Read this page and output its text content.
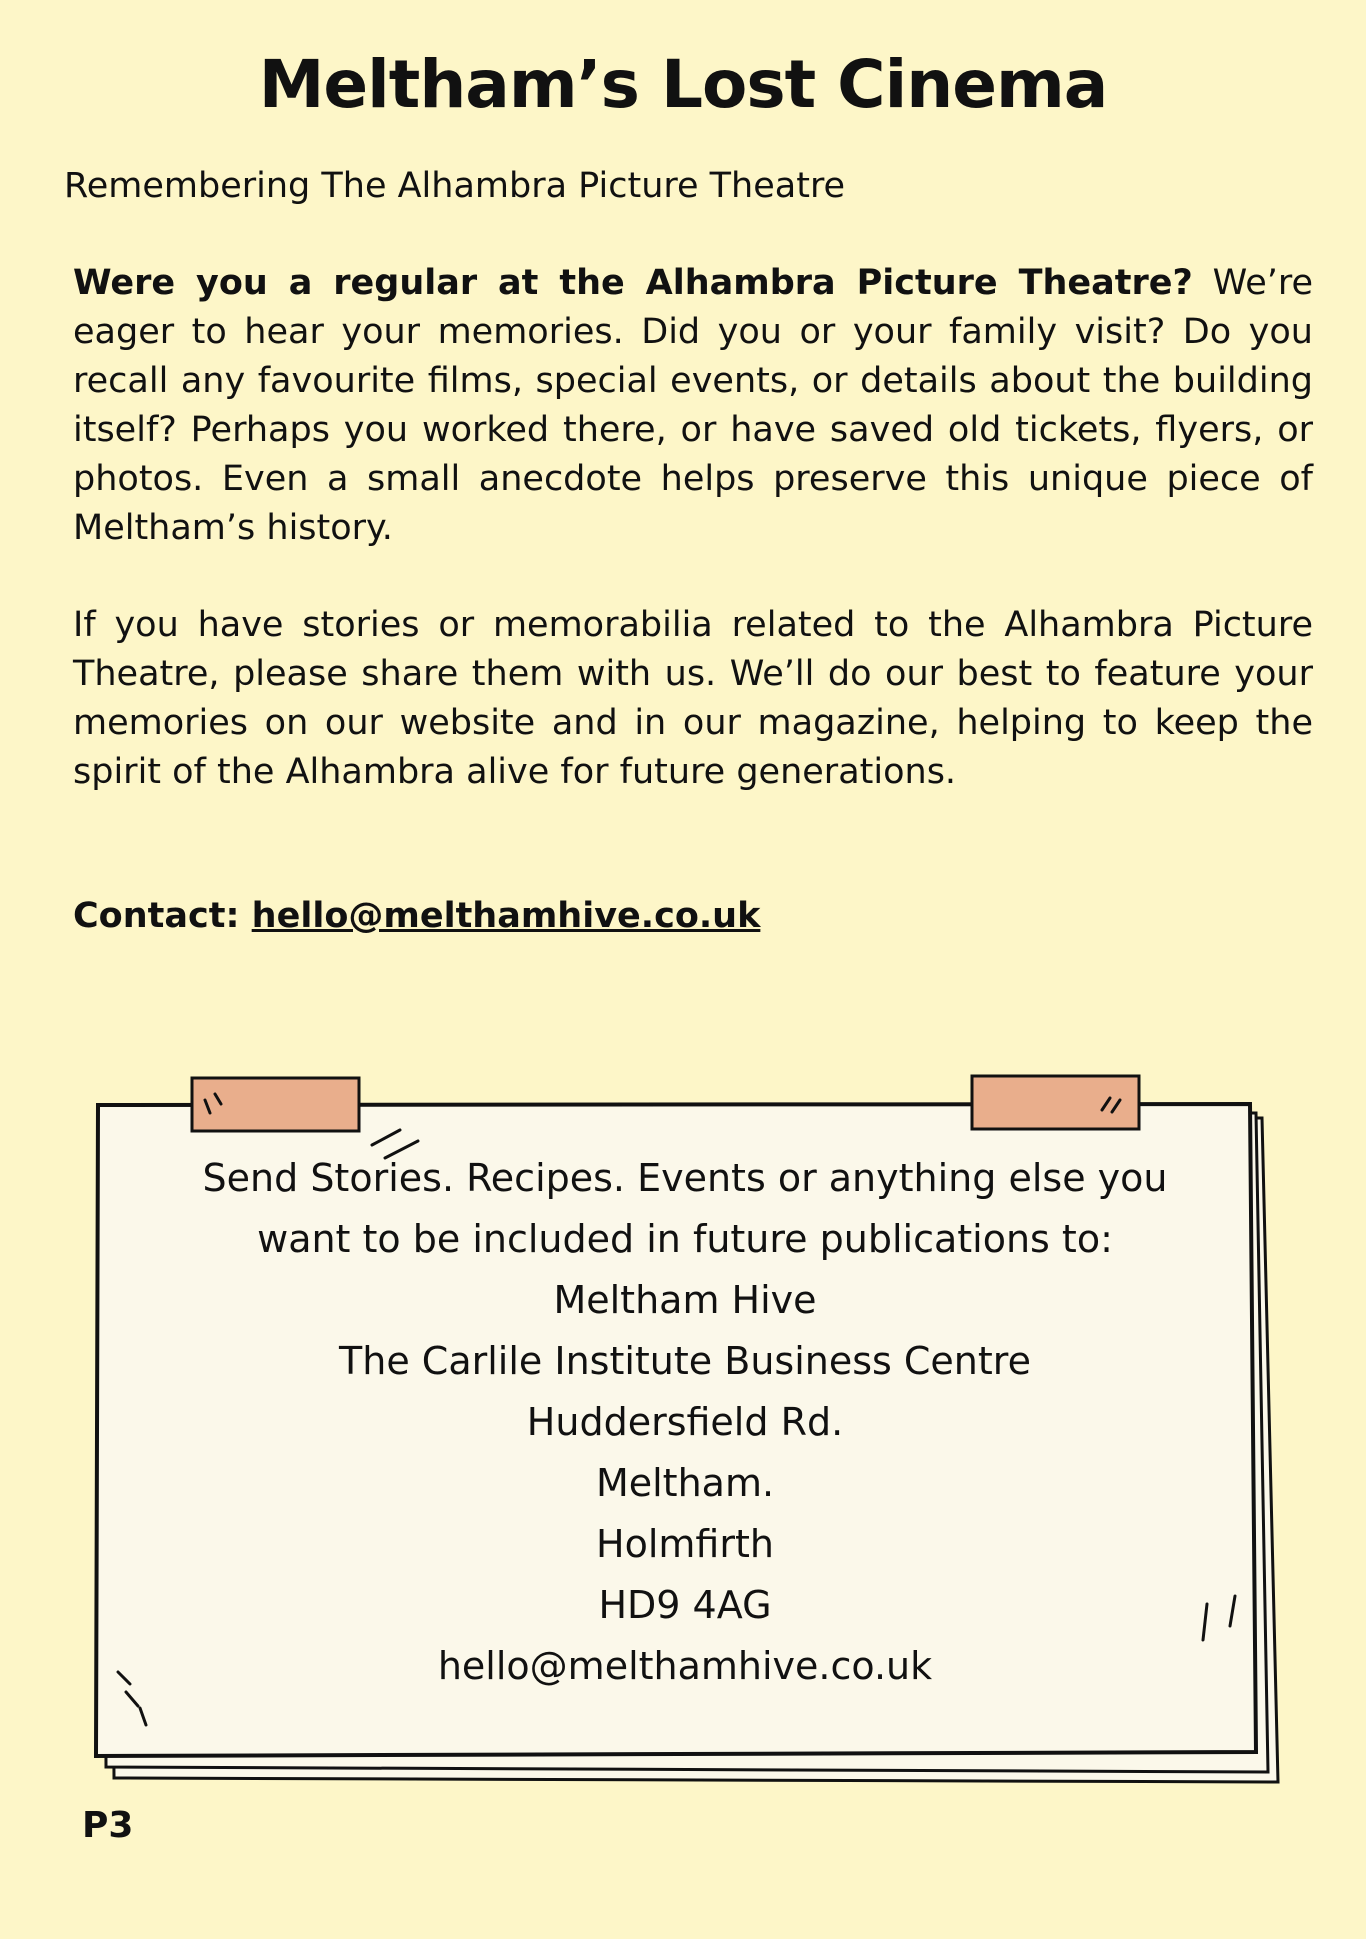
Meltham’s Lost Cinema

Remembering The Alhambra Picture Theatre

Were you a regular at the Alhambra Picture Theatre? We’re eager to hear your memories. Did you or your family visit? Do you recall any favourite films, special events, or details about the building itself? Perhaps you worked there, or have saved old tickets, flyers, or photos. Even a small anecdote helps preserve this unique piece of Meltham’s history.

If you have stories or memorabilia related to the Alhambra Picture Theatre, please share them with us. We’ll do our best to feature your memories on our website and in our magazine, helping to keep the spirit of the Alhambra alive for future generations.

Contact: hello@melthamhive.co.uk

Send Stories. Recipes. Events or anything else you
want to be included in future publications to:
Meltham Hive
The Carlile Institute Business Centre
Huddersfield Rd.
Meltham.
Holmfirth
HD9 4AG
hello@melthamhive.co.uk

P3
